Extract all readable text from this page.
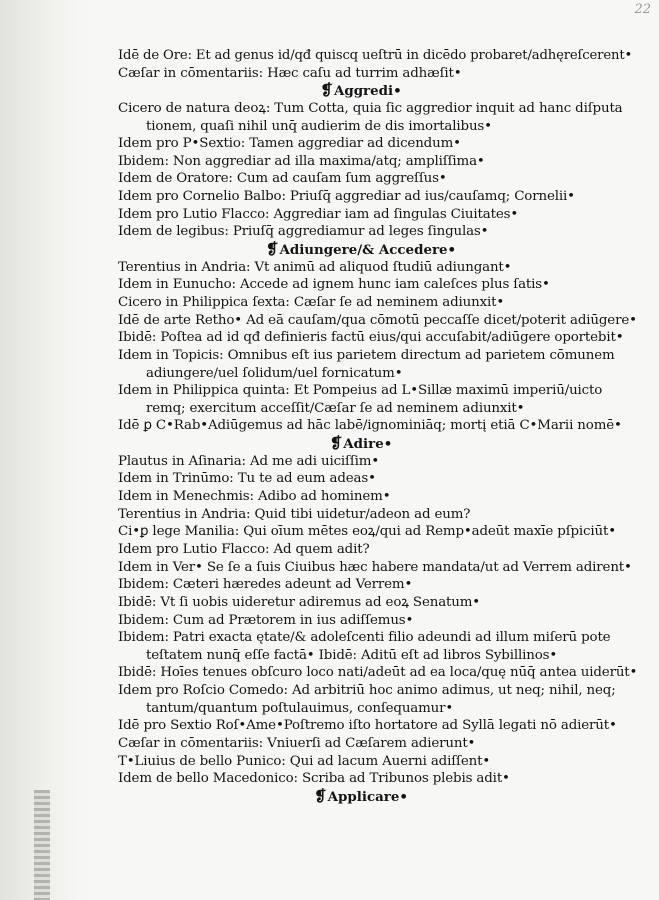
22
Idē de Ore: Et ad genus id/qđ quiscq ueſtrū in dicēdo probaret/adhęreſcerent•
Cæſar in cōmentariis: Hæc caſu ad turrim adhæſit•
❡Aggredi•
Cicero de natura deoꝝ: Tum Cotta, quia ſic aggredior inquit ad hanc diſputa
tionem, quaſi nihil unq̄ audierim de dis imortalibus•
Idem pro P•Sextio: Tamen aggrediar ad dicendum•
Ibidem: Non aggrediar ad illa maxima/atq; ampliſſima•
Idem de Oratore: Cum ad cauſam ſum aggreſſus•
Idem pro Cornelio Balbo: Priuſq̄ aggrediar ad ius/cauſamq; Cornelii•
Idem pro Lutio Flacco: Aggrediar iam ad ſingulas Ciuitates•
Idem de legibus: Priuſq̄ aggrediamur ad leges ſingulas•
❡Adiungere/& Accedere•
Terentius in Andria: Vt animū ad aliquod ſtudiū adiungant•
Idem in Eunucho: Accede ad ignem hunc iam caleſces plus ſatis•
Cicero in Philippica ſexta: Cæſar ſe ad neminem adiunxit•
Idē de arte Retho• Ad eā cauſam/qua cōmotū peccaſſe dicet/poterit adiūgere•
Ibidē: Poſtea ad id qđ definieris factū eius/qui accuſabit/adiūgere oportebit•
Idem in Topicis: Omnibus eſt ius parietem directum ad parietem cōmunem
adiungere/uel ſolidum/uel fornicatum•
Idem in Philippica quinta: Et Pompeius ad L•Sillæ maximū imperiū/uicto
remq; exercitum acceſſit/Cæſar ſe ad neminem adiunxit•
Idē ꝑ C•Rab•Adiūgemus ad hāc labē/ignominiāq; mortį etiā C•Marii nomē•
❡Adire•
Plautus in Aſinaria: Ad me adi uiciſſim•
Idem in Trinūmo: Tu te ad eum adeas•
Idem in Menechmis: Adibo ad hominem•
Terentius in Andria: Quid tibi uidetur/adeon ad eum?
Ci•ꝑ lege Manilia: Qui oīum mētes eoꝝ/qui ad Remp•adeūt maxīe pſpiciūt•
Idem pro Lutio Flacco: Ad quem adit?
Idem in Ver• Se ſe a ſuis Ciuibus hæc habere mandata/ut ad Verrem adirent•
Ibidem: Cæteri hæredes adeunt ad Verrem•
Ibidē: Vt ſi uobis uideretur adiremus ad eoꝝ Senatum•
Ibidem: Cum ad Prætorem in ius adiſſemus•
Ibidem: Patri exacta ętate/& adoleſcenti filio adeundi ad illum miſerū pote
teſtatem nunq̄ eſſe factā• Ibidē: Aditū eſt ad libros Sybillinos•
Ibidē: Hoīes tenues obſcuro loco nati/adeūt ad ea loca/quę nūq̄ antea uiderūt•
Idem pro Roſcio Comedo: Ad arbitriū hoc animo adimus, ut neq; nihil, neq;
tantum/quantum poſtulauimus, conſequamur•
Idē pro Sextio Roſ•Ame•Poſtremo iſto hortatore ad Syllā legati nō adierūt•
Cæſar in cōmentariis: Vniuerſi ad Cæſarem adierunt•
T•Liuius de bello Punico: Qui ad lacum Auerni adiſſent•
Idem de bello Macedonico: Scriba ad Tribunos plebis adit•
❡Applicare•
